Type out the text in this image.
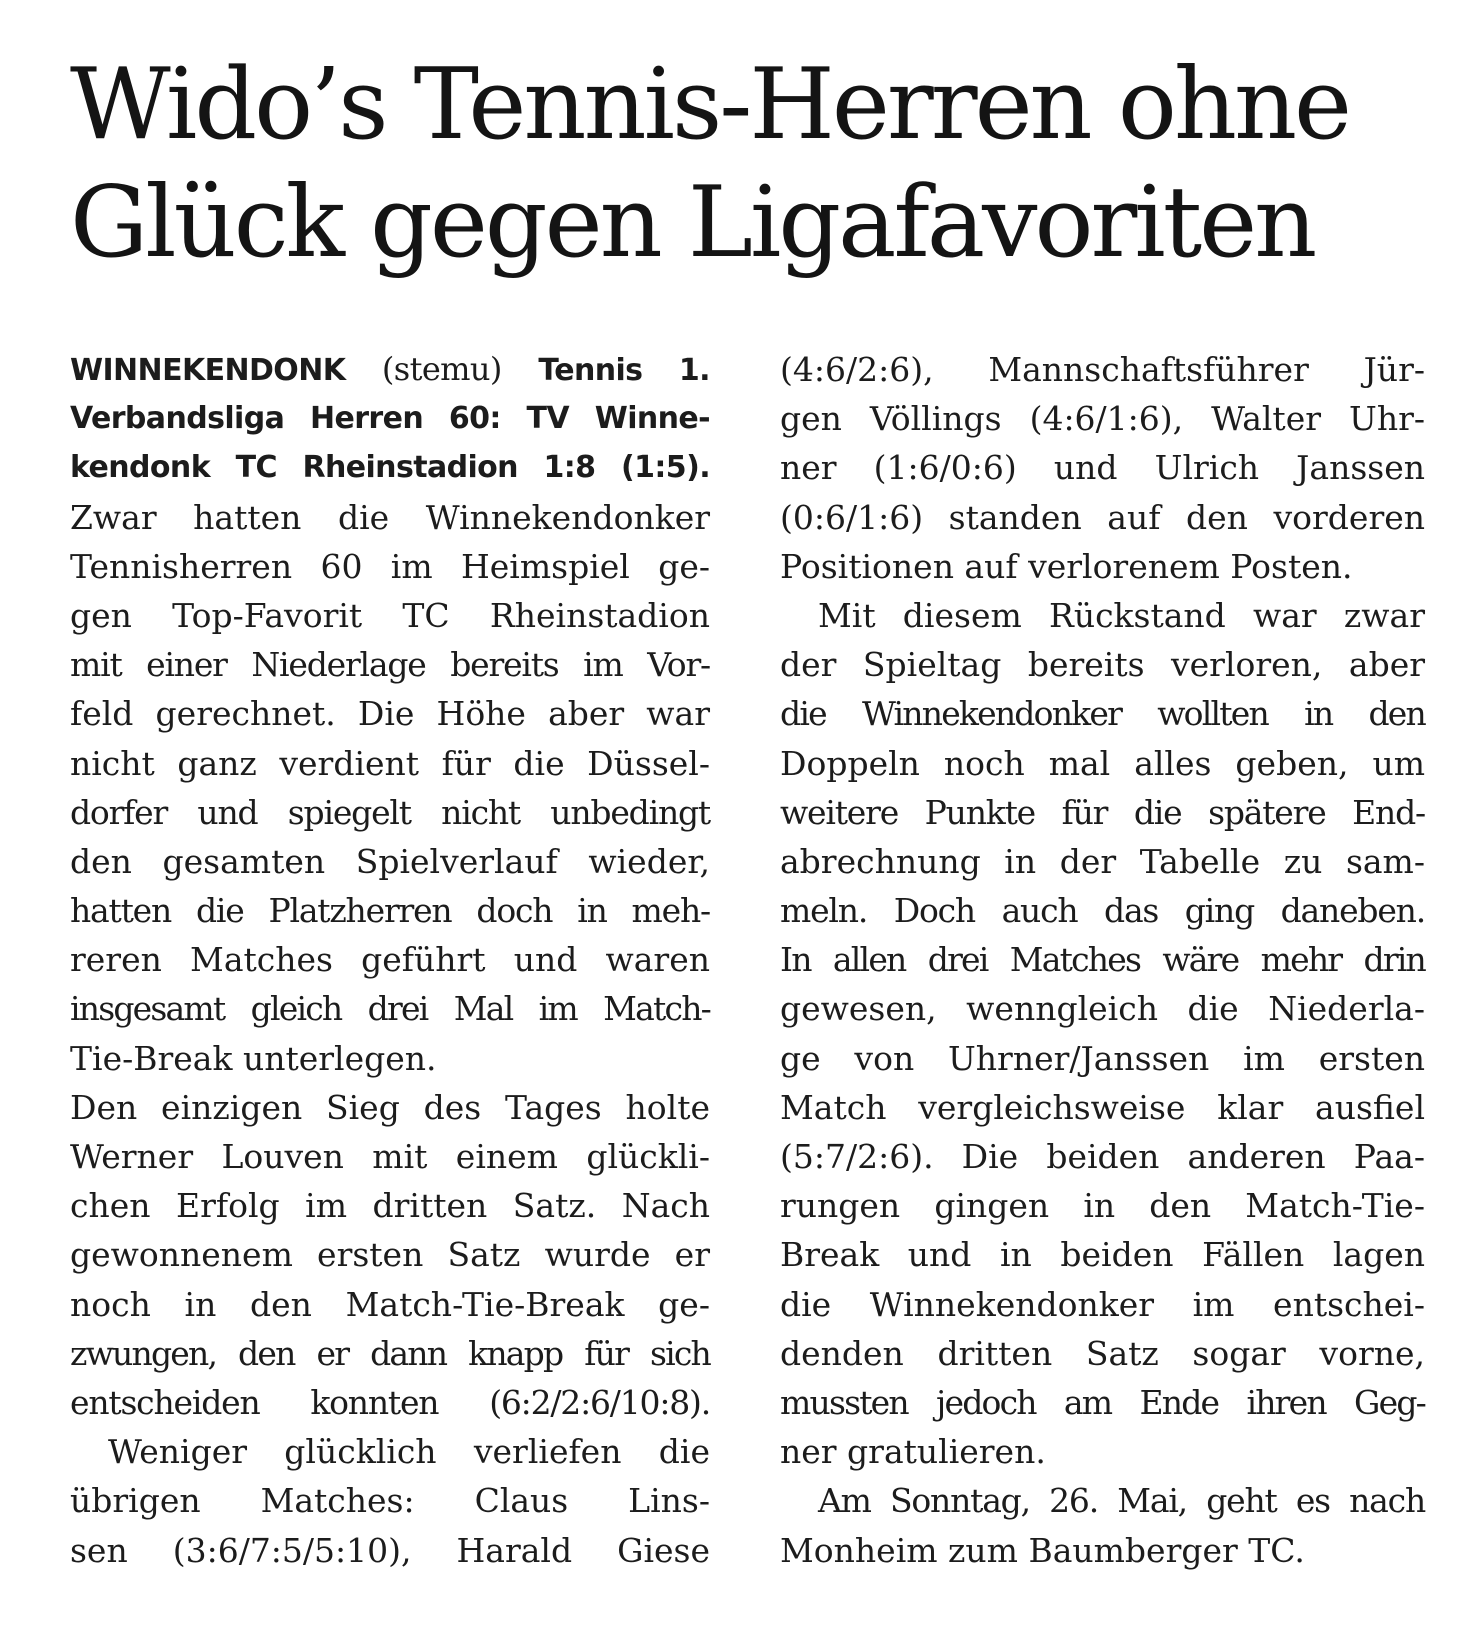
Wido’s Tennis-Herren ohne
Glück gegen Ligafavoriten
WINNEKENDONK (stemu) Tennis 1.
Verbandsliga Herren 60: TV Winne-
kendonk TC Rheinstadion 1:8 (1:5).
Zwar hatten die Winnekendonker
Tennisherren 60 im Heimspiel ge-
gen Top-Favorit TC Rheinstadion
mit einer Niederlage bereits im Vor-
feld gerechnet. Die Höhe aber war
nicht ganz verdient für die Düssel-
dorfer und spiegelt nicht unbedingt
den gesamten Spielverlauf wieder,
hatten die Platzherren doch in meh-
reren Matches geführt und waren
insgesamt gleich drei Mal im Match-
Tie-Break unterlegen.
Den einzigen Sieg des Tages holte
Werner Louven mit einem glückli-
chen Erfolg im dritten Satz. Nach
gewonnenem ersten Satz wurde er
noch in den Match-Tie-Break ge-
zwungen, den er dann knapp für sich
entscheiden konnten (6:2/2:6/10:8).
Weniger glücklich verliefen die
übrigen Matches: Claus Lins-
sen (3:6/7:5/5:10), Harald Giese
(4:6/2:6), Mannschaftsführer Jür-
gen Völlings (4:6/1:6), Walter Uhr-
ner (1:6/0:6) und Ulrich Janssen
(0:6/1:6) standen auf den vorderen
Positionen auf verlorenem Posten.
Mit diesem Rückstand war zwar
der Spieltag bereits verloren, aber
die Winnekendonker wollten in den
Doppeln noch mal alles geben, um
weitere Punkte für die spätere End-
abrechnung in der Tabelle zu sam-
meln. Doch auch das ging daneben.
In allen drei Matches wäre mehr drin
gewesen, wenngleich die Niederla-
ge von Uhrner/Janssen im ersten
Match vergleichsweise klar ausfiel
(5:7/2:6). Die beiden anderen Paa-
rungen gingen in den Match-Tie-
Break und in beiden Fällen lagen
die Winnekendonker im entschei-
denden dritten Satz sogar vorne,
mussten jedoch am Ende ihren Geg-
ner gratulieren.
Am Sonntag, 26. Mai, geht es nach
Monheim zum Baumberger TC.
